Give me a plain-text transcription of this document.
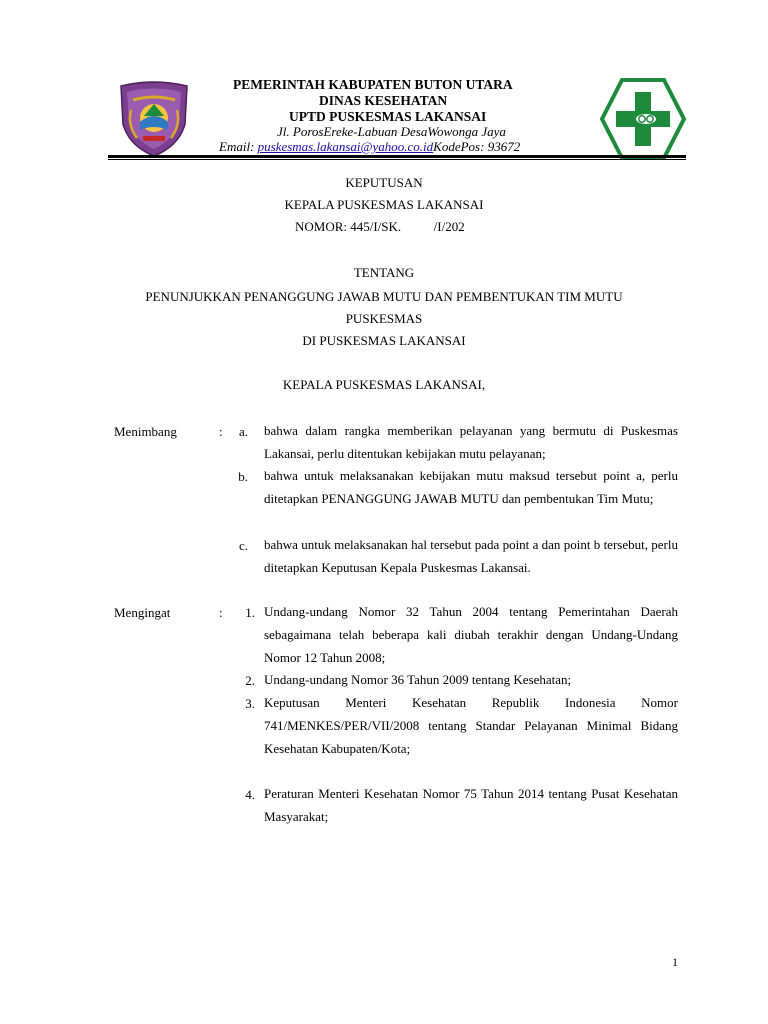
PEMERINTAH KABUPATEN BUTON UTARA
DINAS KESEHATAN
UPTD PUSKESMAS LAKANSAI
Jl. PorosEreke-Labuan DesaWowonga Jaya
Email: puskesmas.lakansai@yahoo.co.idKodePos: 93672
KEPUTUSAN
KEPALA PUSKESMAS LAKANSAI
NOMOR: 445/I/SK.          /I/202
TENTANG
PENUNJUKKAN PENANGGUNG JAWAB MUTU DAN PEMBENTUKAN TIM MUTU
PUSKESMAS
DI PUSKESMAS LAKANSAI
KEPALA PUSKESMAS LAKANSAI,
Menimbang	:	a. bahwa dalam rangka memberikan pelayanan yang bermutu di Puskesmas Lakansai, perlu ditentukan kebijakan mutu pelayanan;
b. bahwa untuk melaksanakan kebijakan mutu maksud tersebut point a, perlu ditetapkan PENANGGUNG JAWAB MUTU dan pembentukan Tim Mutu;
c. bahwa untuk melaksanakan hal tersebut pada point a dan point b tersebut, perlu ditetapkan Keputusan Kepala Puskesmas Lakansai.
Mengingat	:	1. Undang-undang Nomor 32 Tahun 2004 tentang Pemerintahan Daerah sebagaimana telah beberapa kali diubah terakhir dengan Undang-Undang Nomor 12 Tahun 2008;
2. Undang-undang Nomor 36 Tahun 2009 tentang Kesehatan;
3. Keputusan Menteri Kesehatan Republik Indonesia Nomor 741/MENKES/PER/VII/2008 tentang Standar Pelayanan Minimal Bidang Kesehatan Kabupaten/Kota;
4. Peraturan Menteri Kesehatan Nomor 75 Tahun 2014 tentang Pusat Kesehatan Masyarakat;
1
